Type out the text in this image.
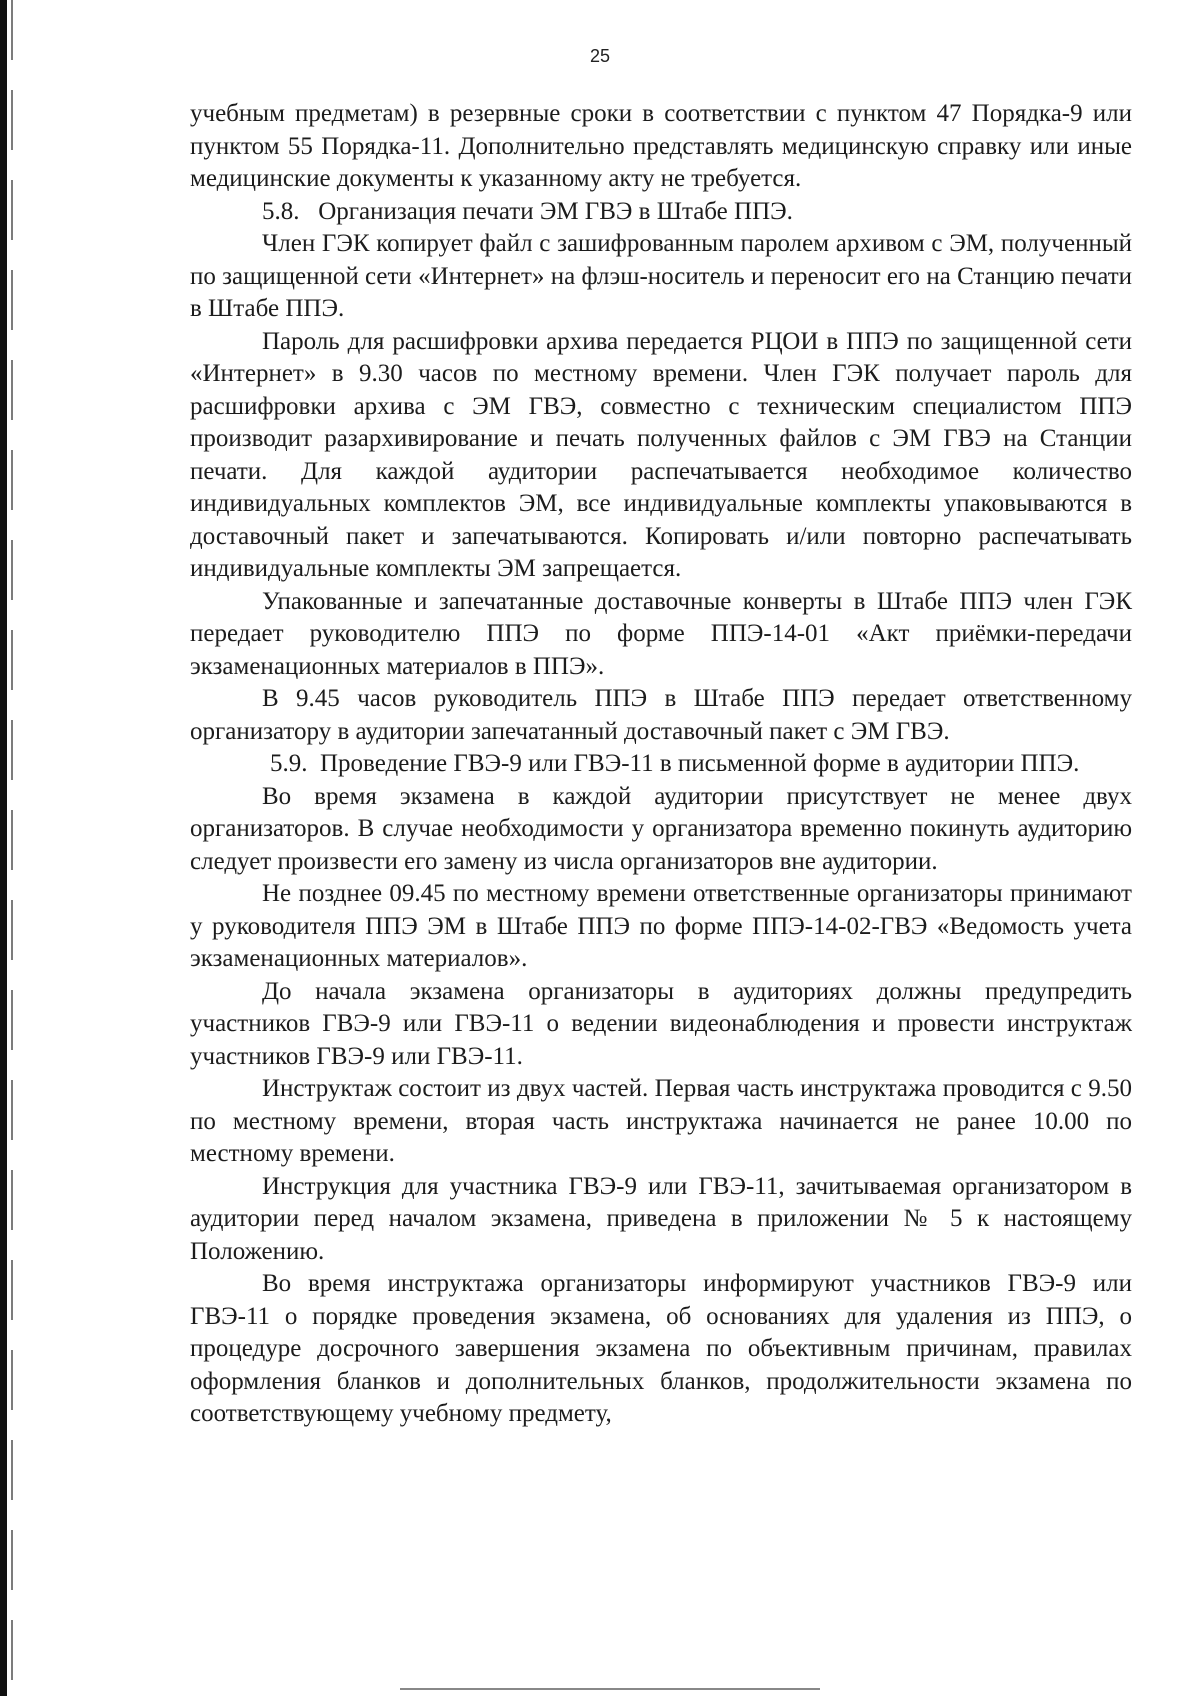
25

учебным предметам) в резервные сроки в соответствии с пунктом 47 Порядка-9 или пунктом 55 Порядка-11. Дополнительно представлять медицинскую справку или иные медицинские документы к указанному акту не требуется.

5.8.   Организация печати ЭМ ГВЭ в Штабе ППЭ.

Член ГЭК копирует файл с зашифрованным паролем архивом с ЭМ, полученный по защищенной сети «Интернет» на флэш-носитель и переносит его на Станцию печати в Штабе ППЭ.

Пароль для расшифровки архива передается РЦОИ в ППЭ по защищенной сети «Интернет» в 9.30 часов по местному времени. Член ГЭК получает пароль для расшифровки архива с ЭМ ГВЭ, совместно с техническим специалистом ППЭ производит разархивирование и печать полученных файлов с ЭМ ГВЭ на Станции печати. Для каждой аудитории распечатывается необходимое количество индивидуальных комплектов ЭМ, все индивидуальные комплекты упаковываются в доставочный пакет и запечатываются. Копировать и/или повторно распечатывать индивидуальные комплекты ЭМ запрещается.

Упакованные и запечатанные доставочные конверты в Штабе ППЭ член ГЭК передает руководителю ППЭ по форме ППЭ-14-01 «Акт приёмки-передачи экзаменационных материалов в ППЭ».

В 9.45 часов руководитель ППЭ в Штабе ППЭ передает ответственному организатору в аудитории запечатанный доставочный пакет с ЭМ ГВЭ.

5.9.  Проведение ГВЭ-9 или ГВЭ-11 в письменной форме в аудитории ППЭ.

Во время экзамена в каждой аудитории присутствует не менее двух организаторов. В случае необходимости у организатора временно покинуть аудиторию следует произвести его замену из числа организаторов вне аудитории.

Не позднее 09.45 по местному времени ответственные организаторы принимают у руководителя ППЭ ЭМ в Штабе ППЭ по форме ППЭ-14-02-ГВЭ «Ведомость учета экзаменационных материалов».

До начала экзамена организаторы в аудиториях должны предупредить участников ГВЭ-9 или ГВЭ-11 о ведении видеонаблюдения и провести инструктаж участников ГВЭ-9 или ГВЭ-11.

Инструктаж состоит из двух частей. Первая часть инструктажа проводится с 9.50 по местному времени, вторая часть инструктажа начинается не ранее 10.00 по местному времени.

Инструкция для участника ГВЭ-9 или ГВЭ-11, зачитываемая организатором в аудитории перед началом экзамена, приведена в приложении № 5 к настоящему Положению.

Во время инструктажа организаторы информируют участников ГВЭ-9 или ГВЭ-11 о порядке проведения экзамена, об основаниях для удаления из ППЭ, о процедуре досрочного завершения экзамена по объективным причинам, правилах оформления бланков и дополнительных бланков, продолжительности экзамена по соответствующему учебному предмету,
